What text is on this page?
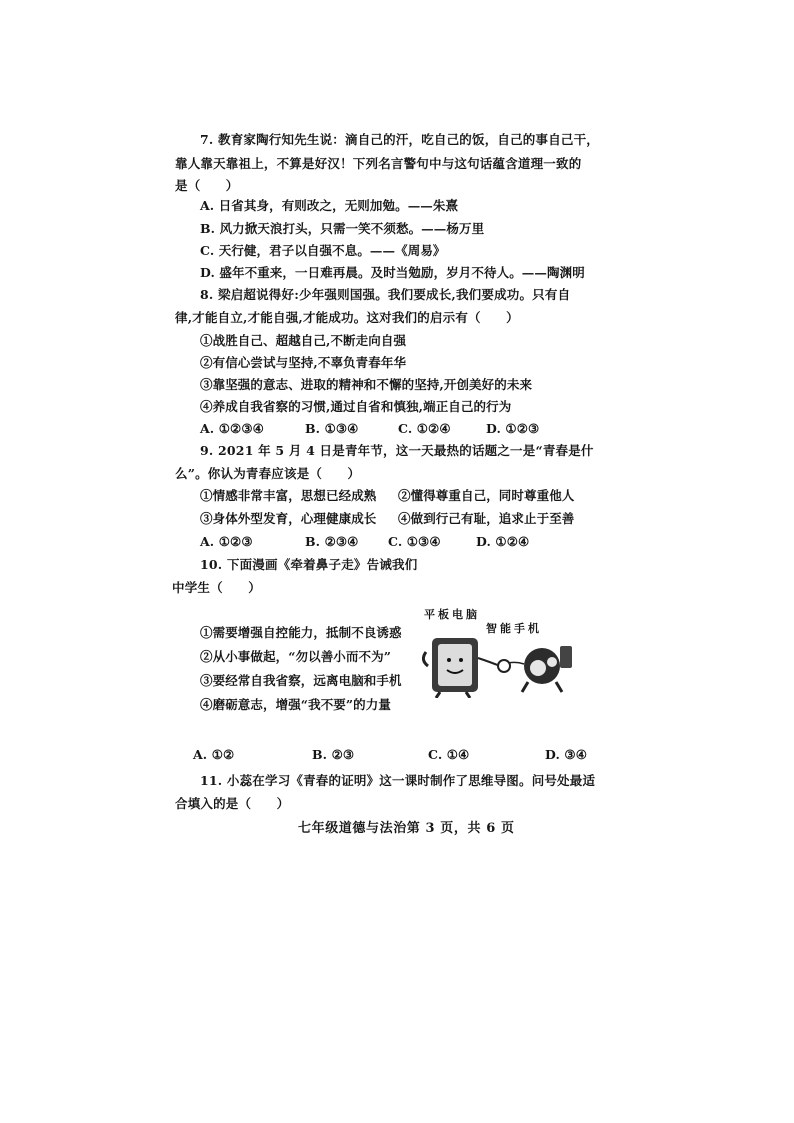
7. 教育家陶行知先生说：滴自己的汗，吃自己的饭，自己的事自己干，
靠人靠天靠祖上，不算是好汉！下列名言警句中与这句话蕴含道理一致的
是（　　）
A. 日省其身，有则改之，无则加勉。——朱熹
B. 风力掀天浪打头，只需一笑不须愁。——杨万里
C. 天行健，君子以自强不息。——《周易》
D. 盛年不重来，一日难再晨。及时当勉励，岁月不待人。——陶渊明
8. 梁启超说得好:少年强则国强。我们要成长,我们要成功。只有自
律,才能自立,才能自强,才能成功。这对我们的启示有（　　）
①战胜自己、超越自己,不断走向自强
②有信心尝试与坚持,不辜负青春年华
③靠坚强的意志、进取的精神和不懈的坚持,开创美好的未来
④养成自我省察的习惯,通过自省和慎独,端正自己的行为
A. ①②③④	B. ①③④	C. ①②④	D. ①②③
9. 2021 年 5 月 4 日是青年节，这一天最热的话题之一是“青春是什
么”。你认为青春应该是（　　）
①情感非常丰富，思想已经成熟 ②懂得尊重自己，同时尊重他人
③身体外型发育，心理健康成长 ④做到行己有耻，追求止于至善
A. ①②③	B. ②③④ C. ①③④	D. ①②④
10. 下面漫画《牵着鼻子走》告诫我们
中学生（　　）
①需要增强自控能力，抵制不良诱惑
②从小事做起，“勿以善小而不为”
③要经常自我省察，远离电脑和手机
④磨砺意志，增强“我不要”的力量
平板电脑
智能手机
A. ①②	B. ②③	C. ①④	D. ③④
11. 小蕊在学习《青春的证明》这一课时制作了思维导图。问号处最适
合填入的是（　　）
七年级道德与法治第 3 页，共 6 页
